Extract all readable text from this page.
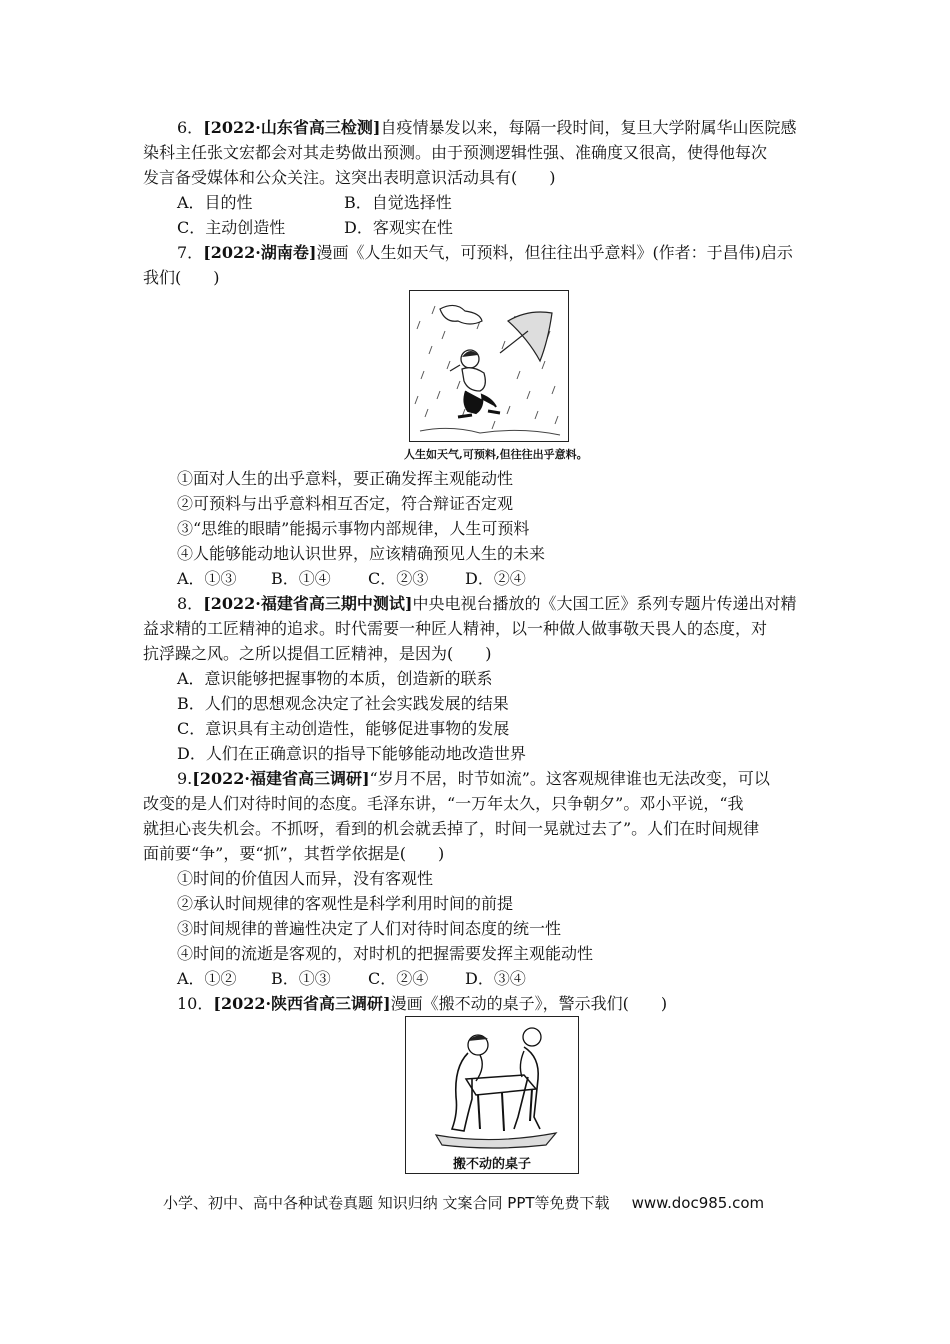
6．[2022·山东省高三检测]自疫情暴发以来，每隔一段时间，复旦大学附属华山医院感
染科主任张文宏都会对其走势做出预测。由于预测逻辑性强、准确度又很高，使得他每次
发言备受媒体和公众关注。这突出表明意识活动具有(　　)
A．目的性	B．自觉选择性
C．主动创造性	D．客观实在性
7．[2022·湖南卷]漫画《人生如天气，可预料，但往往出乎意料》(作者：于昌伟)启示
我们(　　)
人生如天气,可预料,但往往出乎意料。
①面对人生的出乎意料，要正确发挥主观能动性
②可预料与出乎意料相互否定，符合辩证否定观
③“思维的眼睛”能揭示事物内部规律，人生可预料
④人能够能动地认识世界，应该精确预见人生的未来
A．①③ B．①④ C．②③ D．②④
8．[2022·福建省高三期中测试]中央电视台播放的《大国工匠》系列专题片传递出对精
益求精的工匠精神的追求。时代需要一种匠人精神，以一种做人做事敬天畏人的态度，对
抗浮躁之风。之所以提倡工匠精神，是因为(　　)
A．意识能够把握事物的本质，创造新的联系
B．人们的思想观念决定了社会实践发展的结果
C．意识具有主动创造性，能够促进事物的发展
D．人们在正确意识的指导下能够能动地改造世界
9.[2022·福建省高三调研]“岁月不居，时节如流”。这客观规律谁也无法改变，可以
改变的是人们对待时间的态度。毛泽东讲，“一万年太久，只争朝夕”。邓小平说，“我
就担心丧失机会。不抓呀，看到的机会就丢掉了，时间一晃就过去了”。人们在时间规律
面前要“争”，要“抓”，其哲学依据是(　　)
①时间的价值因人而异，没有客观性
②承认时间规律的客观性是科学利用时间的前提
③时间规律的普遍性决定了人们对待时间态度的统一性
④时间的流逝是客观的，对时机的把握需要发挥主观能动性
A．①② B．①③ C．②④ D．③④
10．[2022·陕西省高三调研]漫画《搬不动的桌子》，警示我们(　　)
搬不动的桌子
小学、初中、高中各种试卷真题 知识归纳 文案合同 PPT等免费下载 www.doc985.com
